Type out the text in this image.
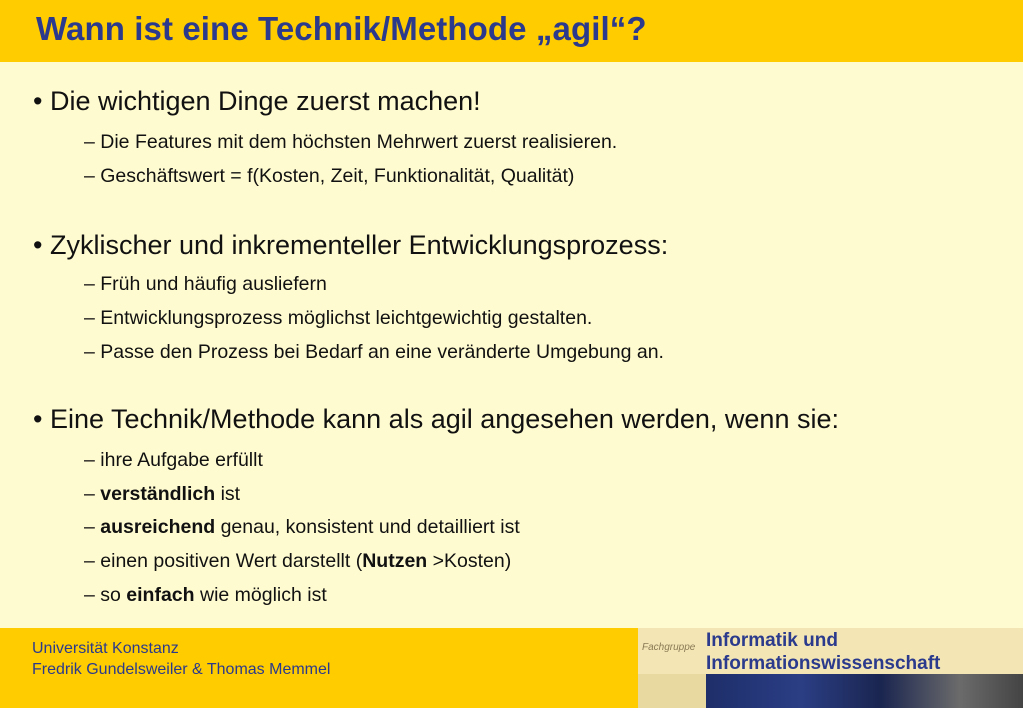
Wann ist eine Technik/Methode „agil“?
• Die wichtigen Dinge zuerst machen!
– Die Features mit dem höchsten Mehrwert zuerst realisieren.
– Geschäftswert = f(Kosten, Zeit, Funktionalität, Qualität)
• Zyklischer und inkrementeller Entwicklungsprozess:
– Früh und häufig ausliefern
– Entwicklungsprozess möglichst leichtgewichtig gestalten.
– Passe den Prozess bei Bedarf an eine veränderte Umgebung an.
• Eine Technik/Methode kann als agil angesehen werden, wenn sie:
– ihre Aufgabe erfüllt
– verständlich ist
– ausreichend genau, konsistent und detailliert ist
– einen positiven Wert darstellt (Nutzen >Kosten)
– so einfach wie möglich ist
Universität Konstanz
Fredrik Gundelsweiler & Thomas Memmel
Fachgruppe Informatik und
Informationswissenschaft
